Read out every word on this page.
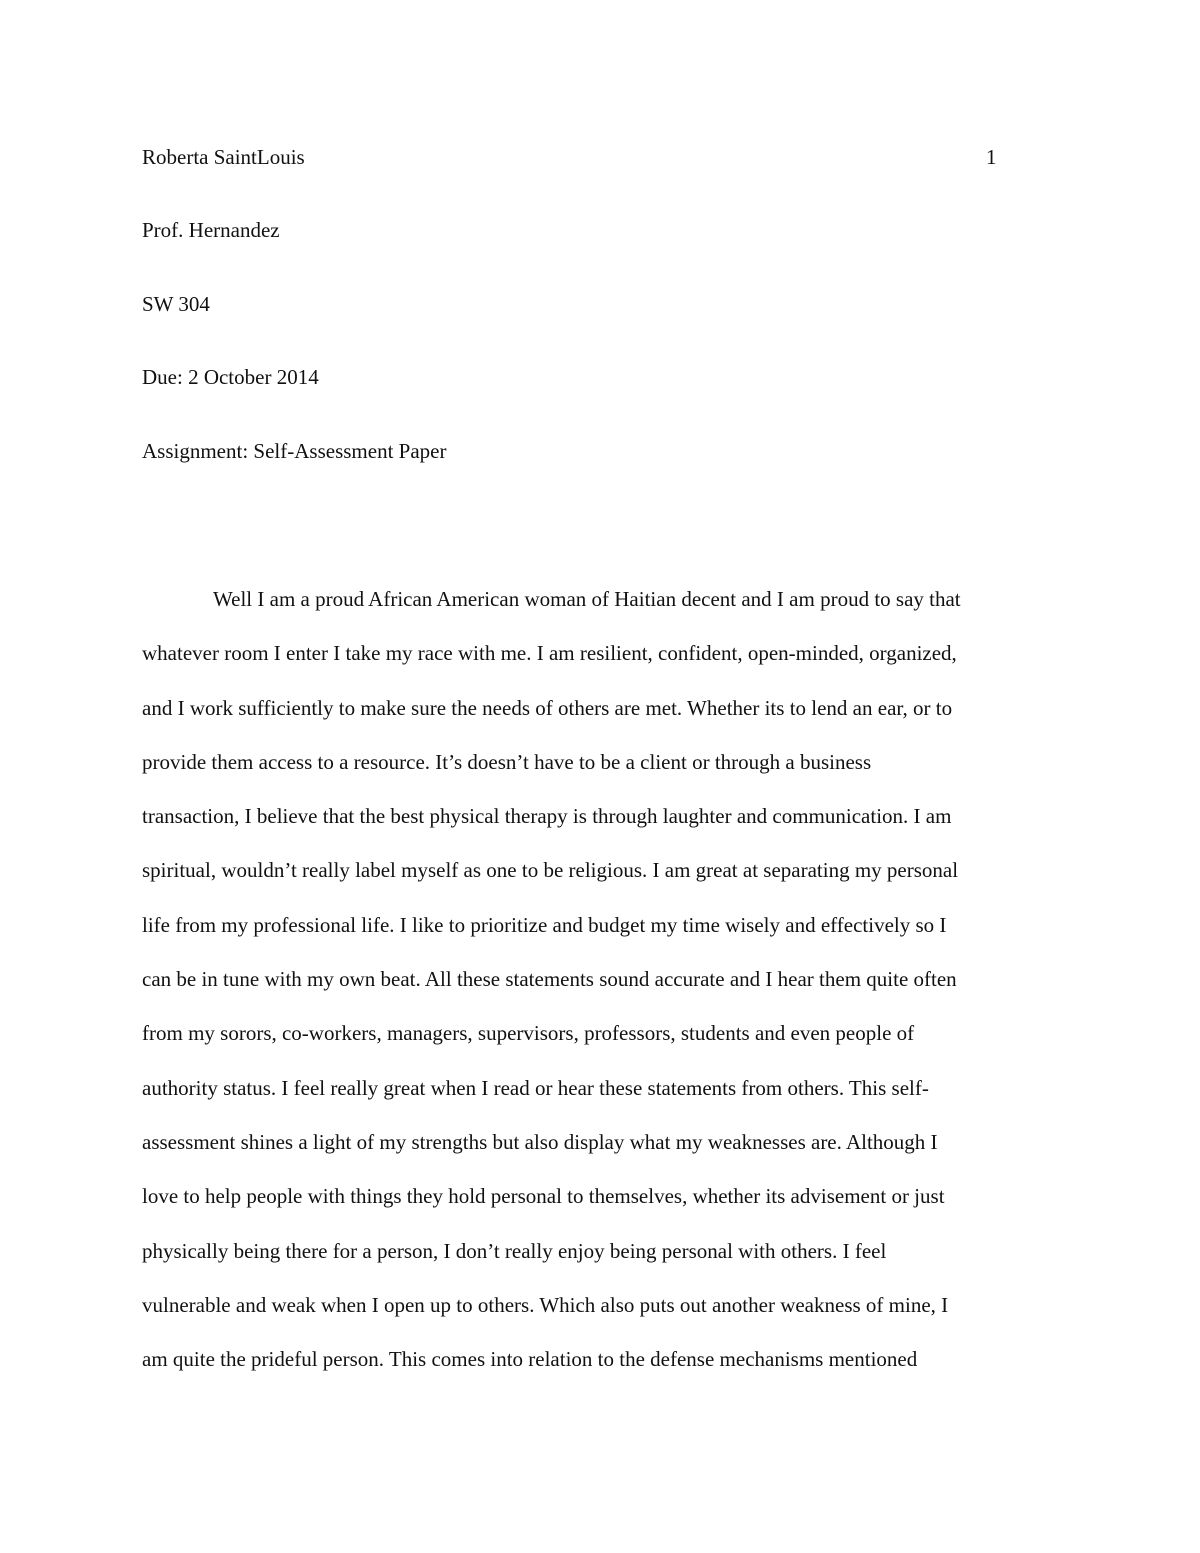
Roberta SaintLouis	1
Prof. Hernandez
SW 304
Due: 2 October 2014
Assignment: Self-Assessment Paper
Well I am a proud African American woman of Haitian decent and I am proud to say that
whatever room I enter I take my race with me. I am resilient, confident, open-minded, organized,
and I work sufficiently to make sure the needs of others are met. Whether its to lend an ear, or to
provide them access to a resource. It’s doesn’t have to be a client or through a business
transaction, I believe that the best physical therapy is through laughter and communication. I am
spiritual, wouldn’t really label myself as one to be religious. I am great at separating my personal
life from my professional life. I like to prioritize and budget my time wisely and effectively so I
can be in tune with my own beat. All these statements sound accurate and I hear them quite often
from my sorors, co-workers, managers, supervisors, professors, students and even people of
authority status. I feel really great when I read or hear these statements from others. This self-
assessment shines a light of my strengths but also display what my weaknesses are. Although I
love to help people with things they hold personal to themselves, whether its advisement or just
physically being there for a person, I don’t really enjoy being personal with others. I feel
vulnerable and weak when I open up to others. Which also puts out another weakness of mine, I
am quite the prideful person. This comes into relation to the defense mechanisms mentioned
